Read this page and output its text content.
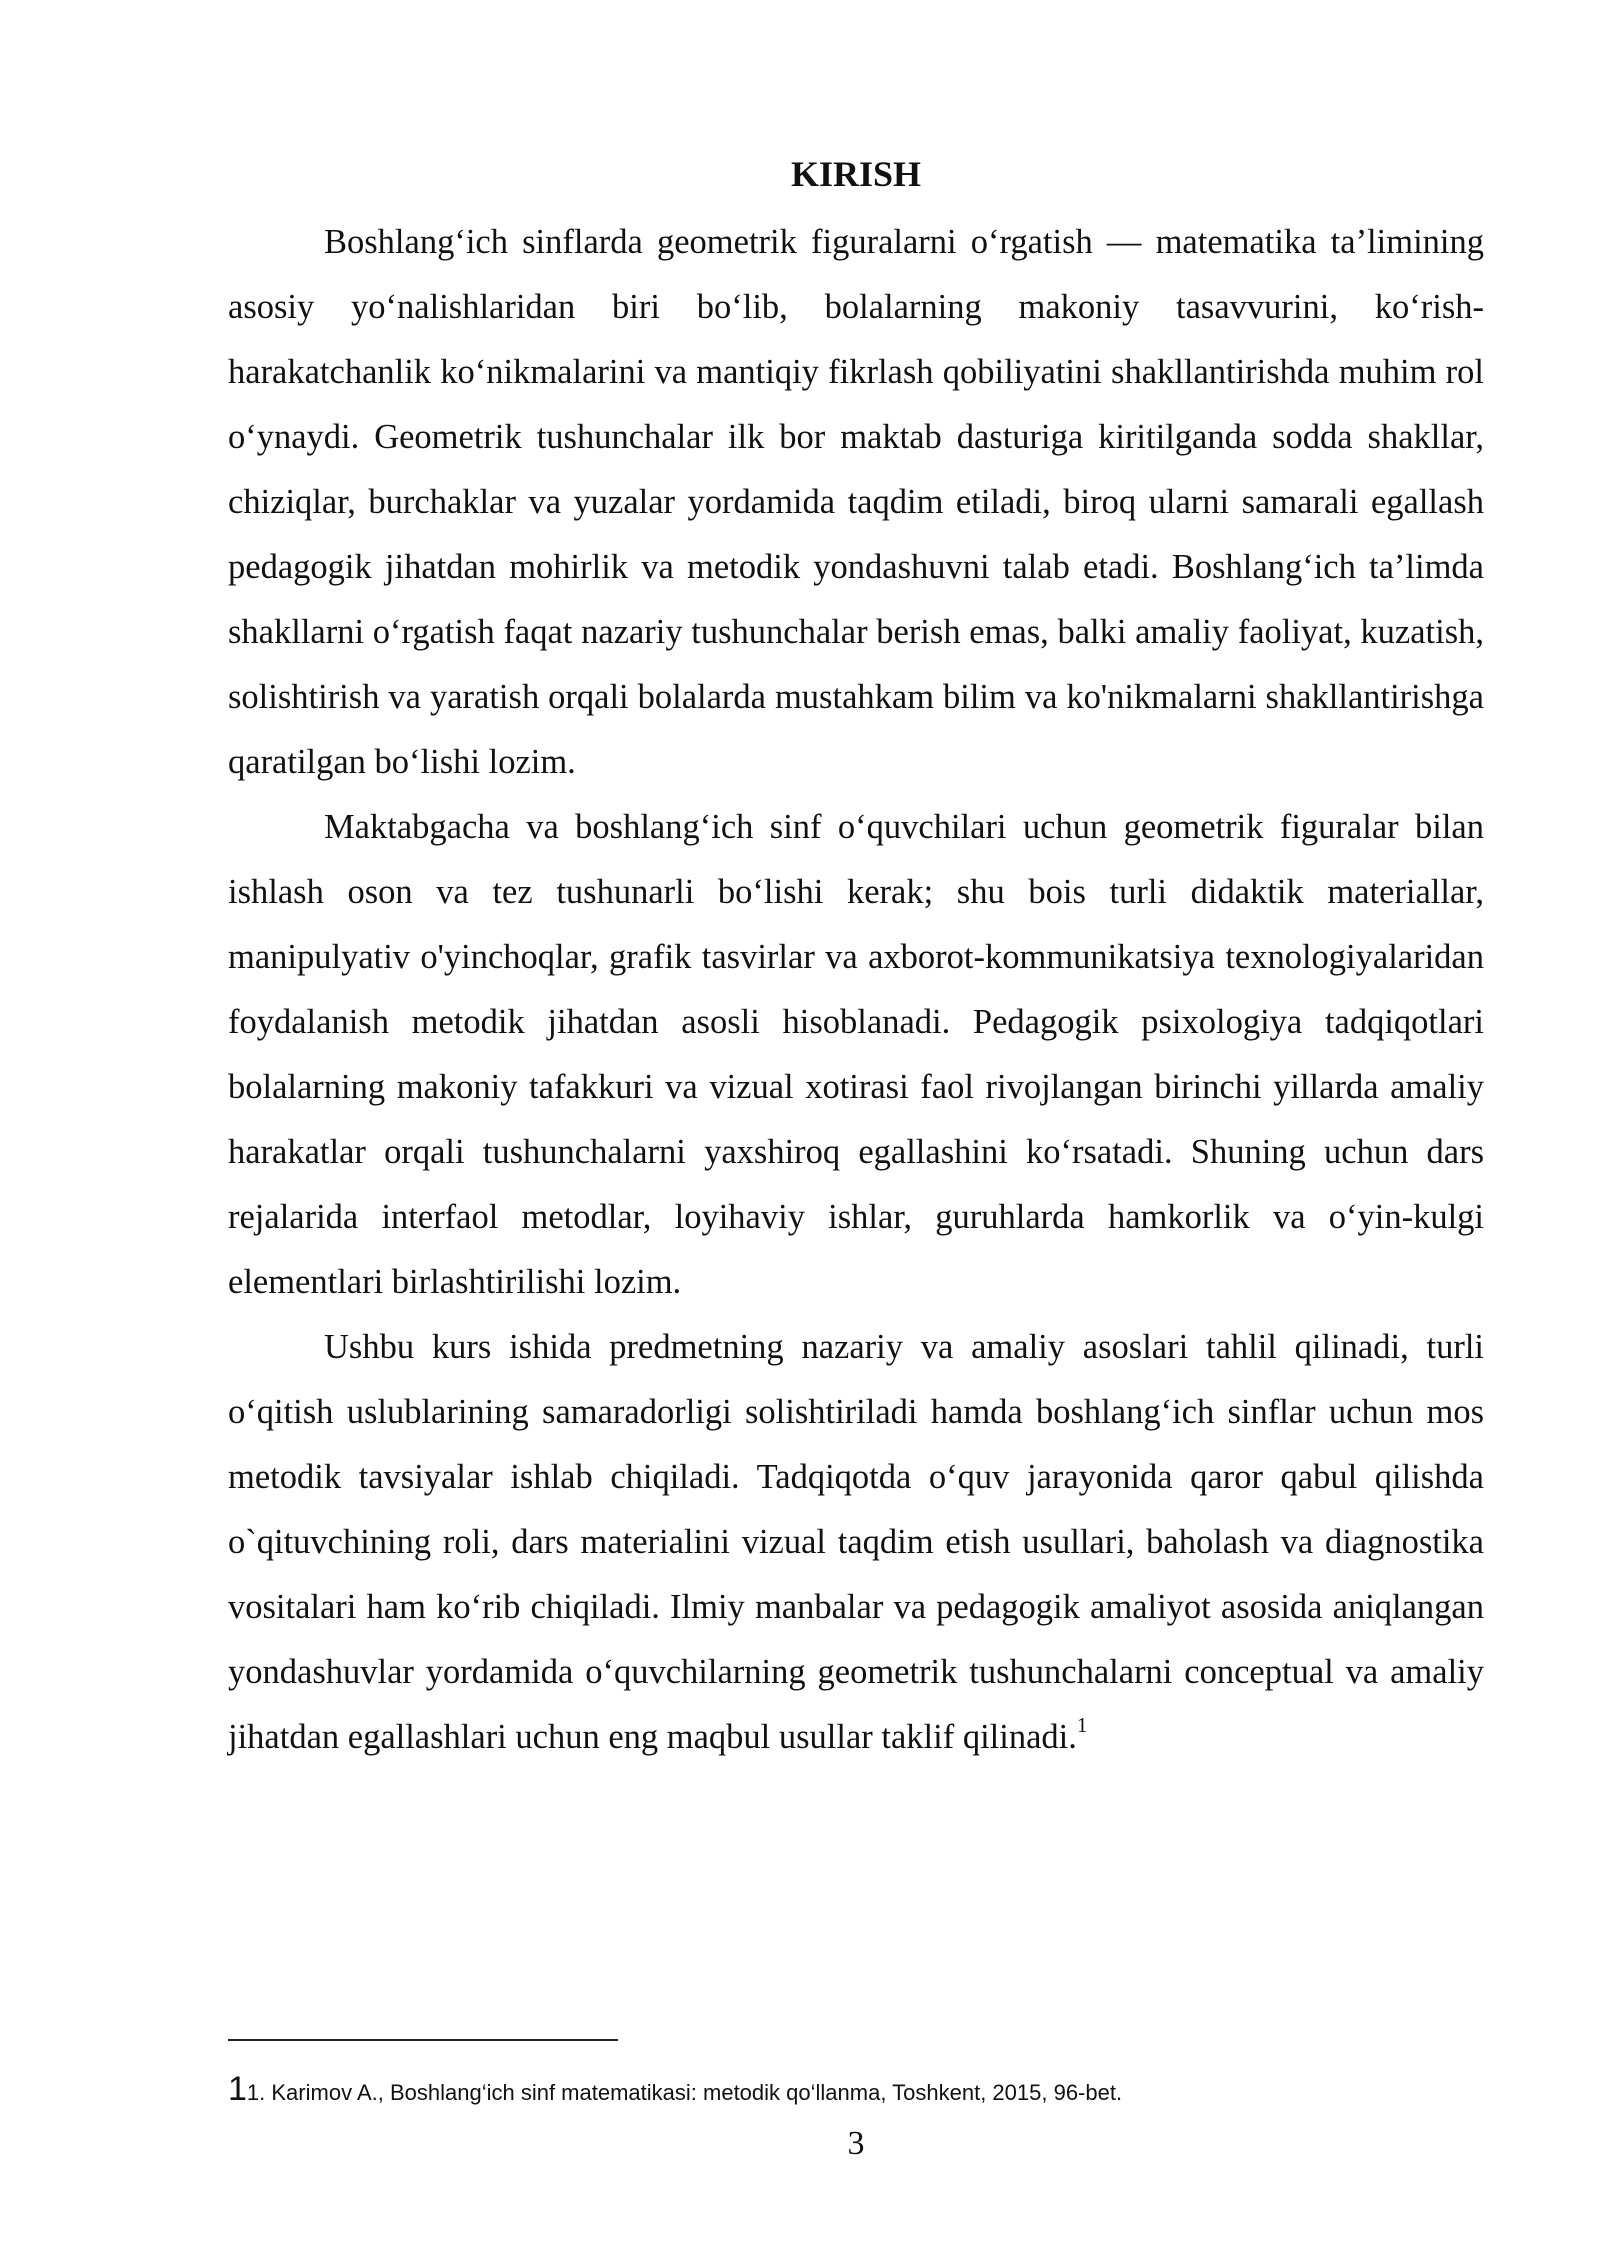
KIRISH

Boshlang‘ich sinflarda geometrik figuralarni o‘rgatish — matematika ta’limining asosiy yo‘nalishlaridan biri bo‘lib, bolalarning makoniy tasavvurini, ko‘rish-harakatchanlik ko‘nikmalarini va mantiqiy fikrlash qobiliyatini shakllantirishda muhim rol o‘ynaydi. Geometrik tushunchalar ilk bor maktab dasturiga kiritilganda sodda shakllar, chiziqlar, burchaklar va yuzalar yordamida taqdim etiladi, biroq ularni samarali egallash pedagogik jihatdan mohirlik va metodik yondashuvni talab etadi. Boshlang‘ich ta’limda shakllarni o‘rgatish faqat nazariy tushunchalar berish emas, balki amaliy faoliyat, kuzatish, solishtirish va yaratish orqali bolalarda mustahkam bilim va ko'nikmalarni shakllantirishga qaratilgan bo‘lishi lozim.

Maktabgacha va boshlang‘ich sinf o‘quvchilari uchun geometrik figuralar bilan ishlash oson va tez tushunarli bo‘lishi kerak; shu bois turli didaktik materiallar, manipulyativ o'yinchoqlar, grafik tasvirlar va axborot-kommunikatsiya texnologiyalaridan foydalanish metodik jihatdan asosli hisoblanadi. Pedagogik psixologiya tadqiqotlari bolalarning makoniy tafakkuri va vizual xotirasi faol rivojlangan birinchi yillarda amaliy harakatlar orqali tushunchalarni yaxshiroq egallashini ko‘rsatadi. Shuning uchun dars rejalarida interfaol metodlar, loyihaviy ishlar, guruhlarda hamkorlik va o‘yin-kulgi elementlari birlashtirilishi lozim.

Ushbu kurs ishida predmetning nazariy va amaliy asoslari tahlil qilinadi, turli o‘qitish uslublarining samaradorligi solishtiriladi hamda boshlang‘ich sinflar uchun mos metodik tavsiyalar ishlab chiqiladi. Tadqiqotda o‘quv jarayonida qaror qabul qilishda o`qituvchining roli, dars materialini vizual taqdim etish usullari, baholash va diagnostika vositalari ham ko‘rib chiqiladi. Ilmiy manbalar va pedagogik amaliyot asosida aniqlangan yondashuvlar yordamida o‘quvchilarning geometrik tushunchalarni conceptual va amaliy jihatdan egallashlari uchun eng maqbul usullar taklif qilinadi.$^1$

11. Karimov A., Boshlang‘ich sinf matematikasi: metodik qo‘llanma, Toshkent, 2015, 96-bet.
3
